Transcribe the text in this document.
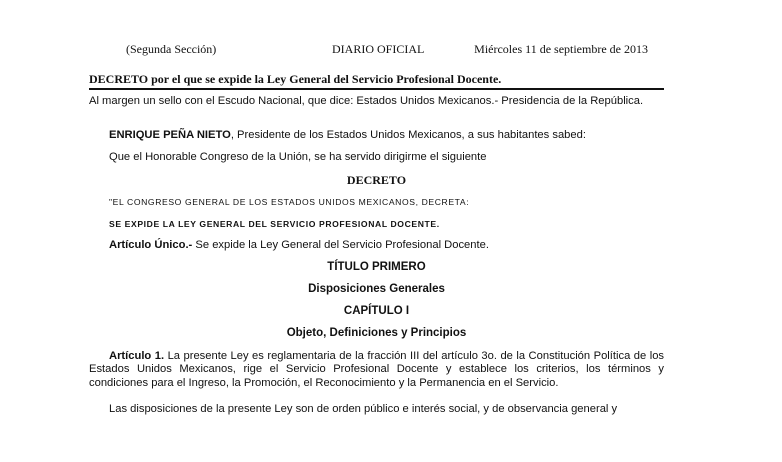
(Segunda Sección)	DIARIO OFICIAL	Miércoles 11 de septiembre de 2013
DECRETO por el que se expide la Ley General del Servicio Profesional Docente.
Al margen un sello con el Escudo Nacional, que dice: Estados Unidos Mexicanos.- Presidencia de la República.
ENRIQUE PEÑA NIETO, Presidente de los Estados Unidos Mexicanos, a sus habitantes sabed:
Que el Honorable Congreso de la Unión, se ha servido dirigirme el siguiente
DECRETO
"EL CONGRESO GENERAL DE LOS ESTADOS UNIDOS MEXICANOS, DECRETA:
SE EXPIDE LA LEY GENERAL DEL SERVICIO PROFESIONAL DOCENTE.
Artículo Único.- Se expide la Ley General del Servicio Profesional Docente.
TÍTULO PRIMERO
Disposiciones Generales
CAPÍTULO I
Objeto, Definiciones y Principios
Artículo 1. La presente Ley es reglamentaria de la fracción III del artículo 3o. de la Constitución Política de los Estados Unidos Mexicanos, rige el Servicio Profesional Docente y establece los criterios, los términos y condiciones para el Ingreso, la Promoción, el Reconocimiento y la Permanencia en el Servicio.
Las disposiciones de la presente Ley son de orden público e interés social, y de observancia general y
